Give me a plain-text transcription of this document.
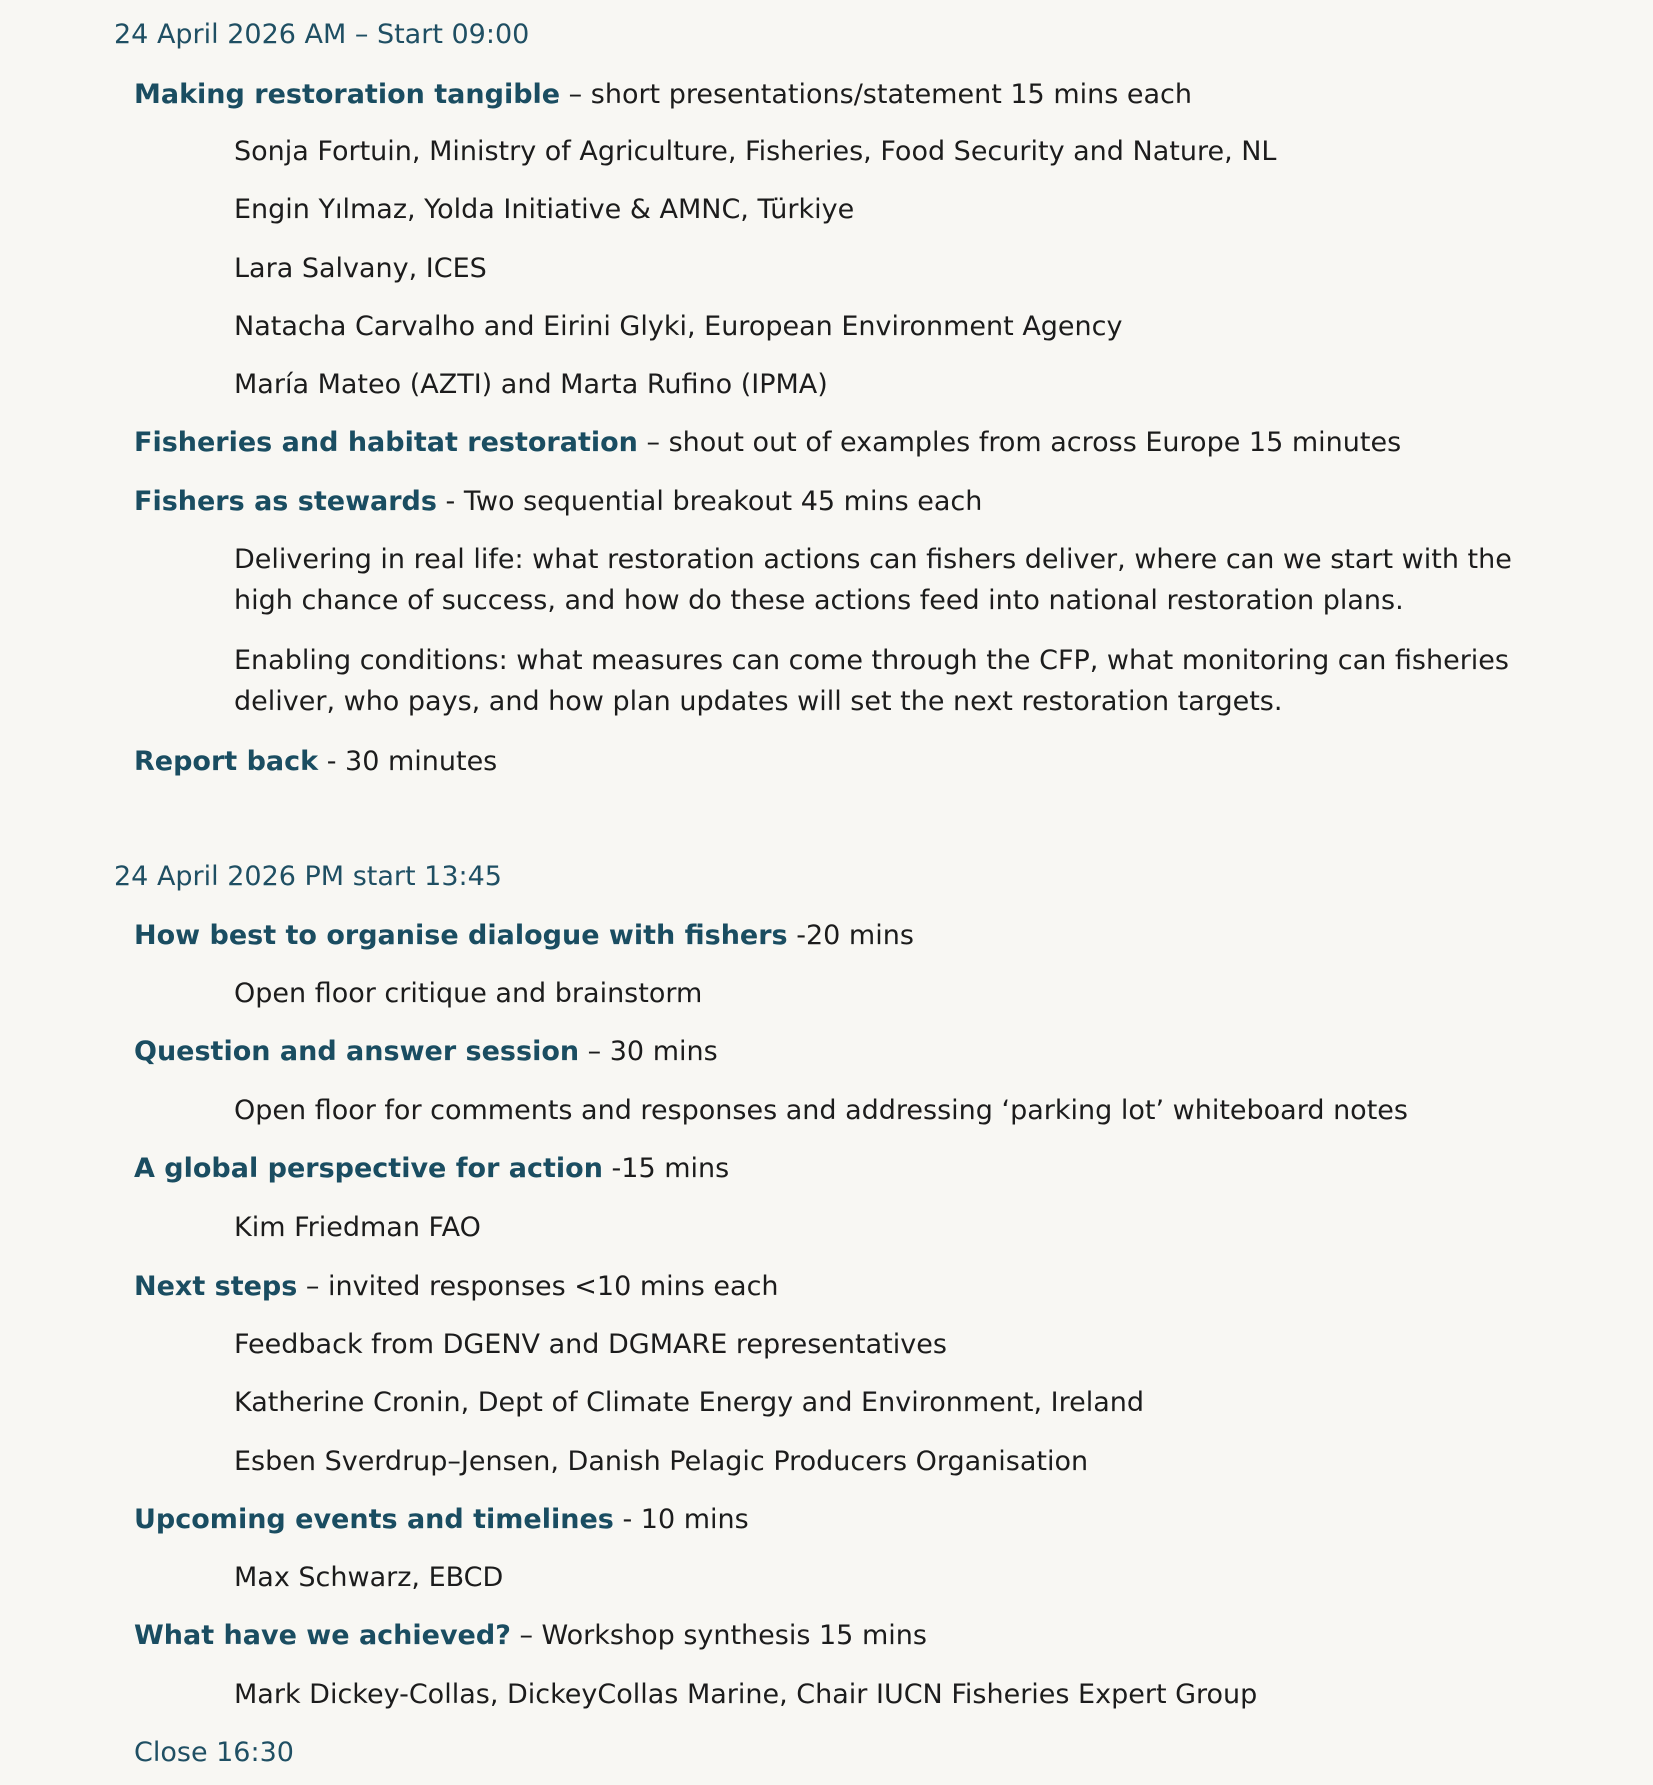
24 April 2026 AM – Start 09:00
Making restoration tangible – short presentations/statement 15 mins each
Sonja Fortuin, Ministry of Agriculture, Fisheries, Food Security and Nature, NL
Engin Yılmaz, Yolda Initiative & AMNC, Türkiye
Lara Salvany, ICES
Natacha Carvalho and Eirini Glyki, European Environment Agency
María Mateo (AZTI) and Marta Rufino (IPMA)
Fisheries and habitat restoration – shout out of examples from across Europe 15 minutes
Fishers as stewards - Two sequential breakout 45 mins each
Delivering in real life: what restoration actions can fishers deliver, where can we start with the high chance of success, and how do these actions feed into national restoration plans.
Enabling conditions: what measures can come through the CFP, what monitoring can fisheries deliver, who pays, and how plan updates will set the next restoration targets.
Report back - 30 minutes
24 April 2026 PM start 13:45
How best to organise dialogue with fishers -20 mins
Open floor critique and brainstorm
Question and answer session – 30 mins
Open floor for comments and responses and addressing ‘parking lot’ whiteboard notes
A global perspective for action -15 mins
Kim Friedman FAO
Next steps – invited responses <10 mins each
Feedback from DGENV and DGMARE representatives
Katherine Cronin, Dept of Climate Energy and Environment, Ireland
Esben Sverdrup–Jensen, Danish Pelagic Producers Organisation
Upcoming events and timelines - 10 mins
Max Schwarz, EBCD
What have we achieved? – Workshop synthesis 15 mins
Mark Dickey-Collas, DickeyCollas Marine, Chair IUCN Fisheries Expert Group
Close 16:30
